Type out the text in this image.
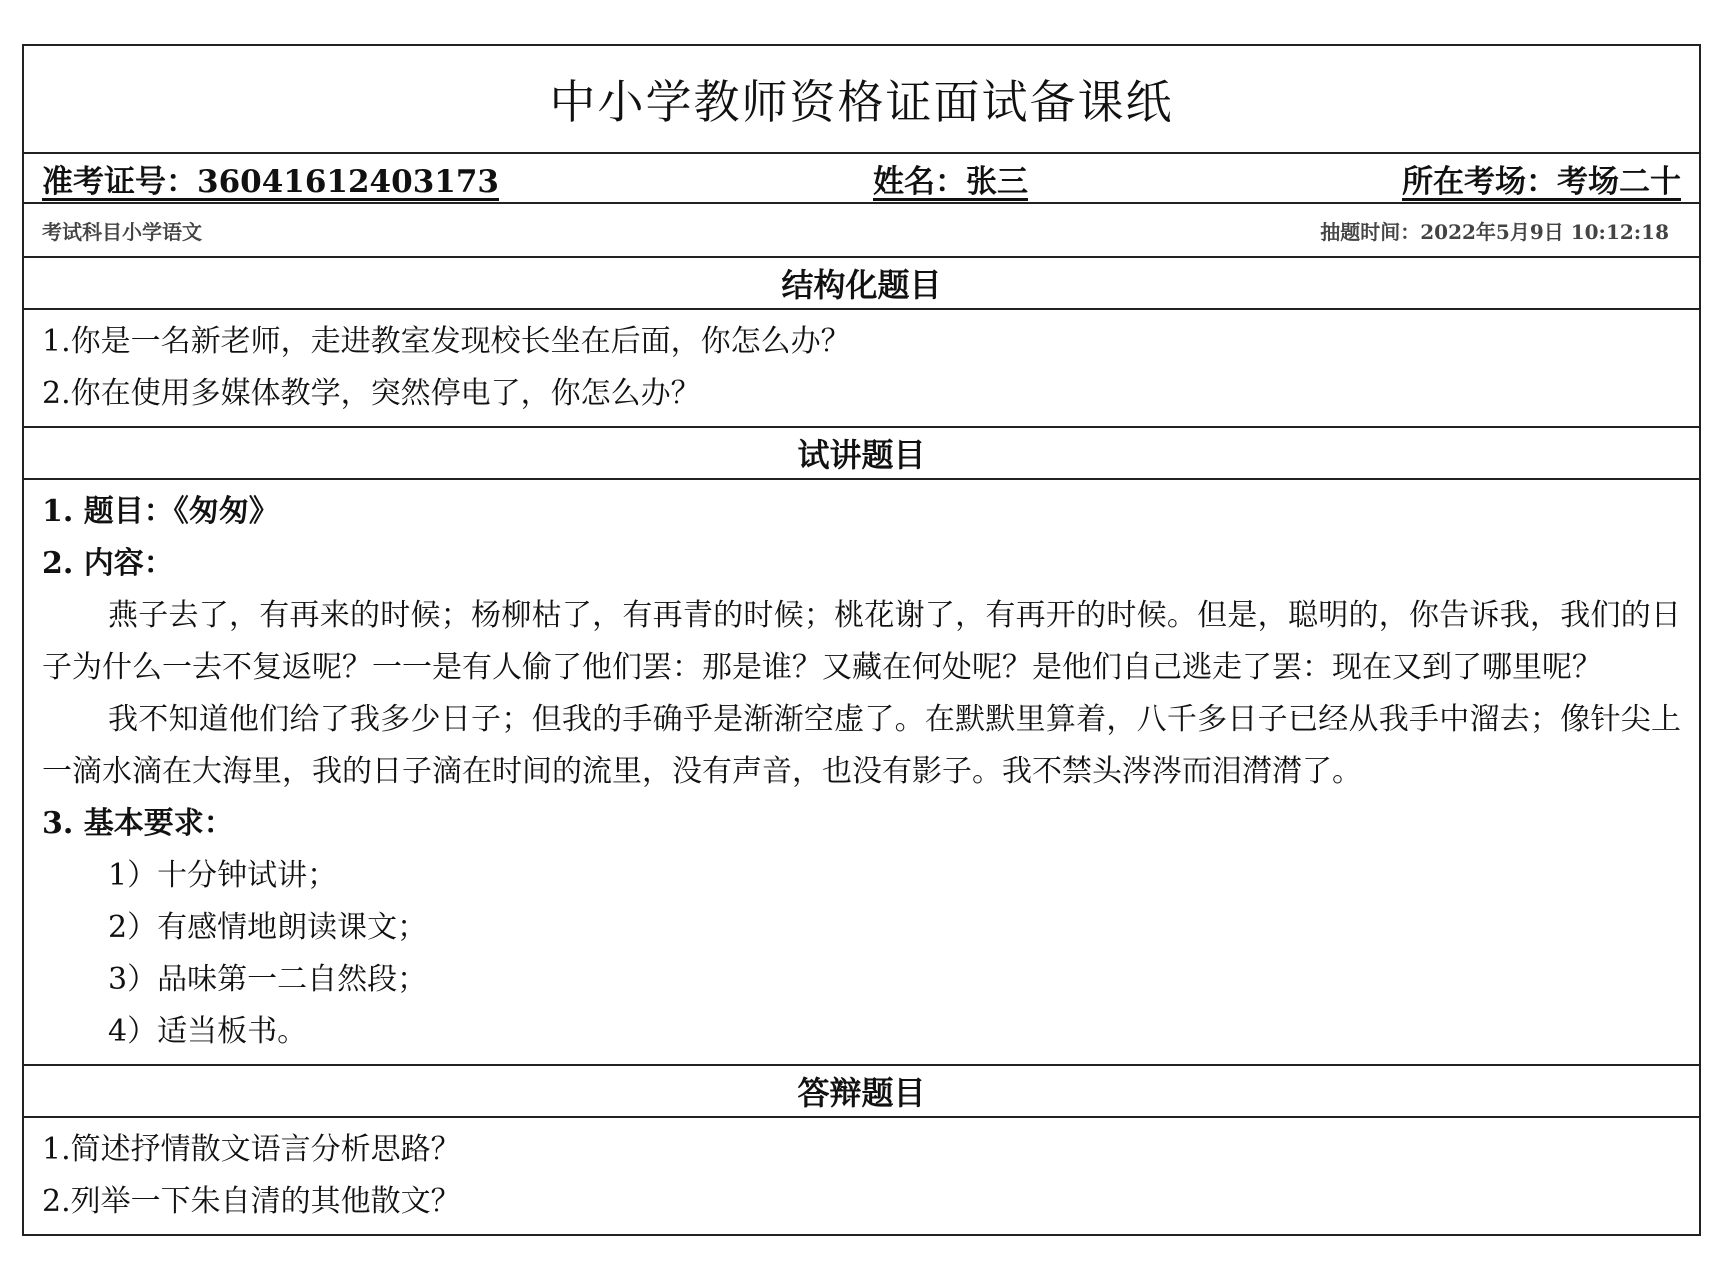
中小学教师资格证面试备课纸
准考证号：36041612403173	姓名：张三	所在考场：考场二十
考试科目小学语文	抽题时间：2022年5月9日 10:12:18
结构化题目
1.你是一名新老师，走进教室发现校长坐在后面，你怎么办？
2.你在使用多媒体教学，突然停电了，你怎么办？
试讲题目
1. 题目：《匆匆》
2. 内容：

燕子去了，有再来的时候；杨柳枯了，有再青的时候；桃花谢了，有再开的时候。但是，聪明的，你告诉我，我们的日子为什么一去不复返呢？一一是有人偷了他们罢：那是谁？又藏在何处呢？是他们自己逃走了罢：现在又到了哪里呢？

我不知道他们给了我多少日子；但我的手确乎是渐渐空虚了。在默默里算着，八千多日子已经从我手中溜去；像针尖上一滴水滴在大海里，我的日子滴在时间的流里，没有声音，也没有影子。我不禁头涔涔而泪潸潸了。

3. 基本要求：
1）十分钟试讲；
2）有感情地朗读课文；
3）品味第一二自然段；
4）适当板书。
答辩题目
1.简述抒情散文语言分析思路？
2.列举一下朱自清的其他散文？
